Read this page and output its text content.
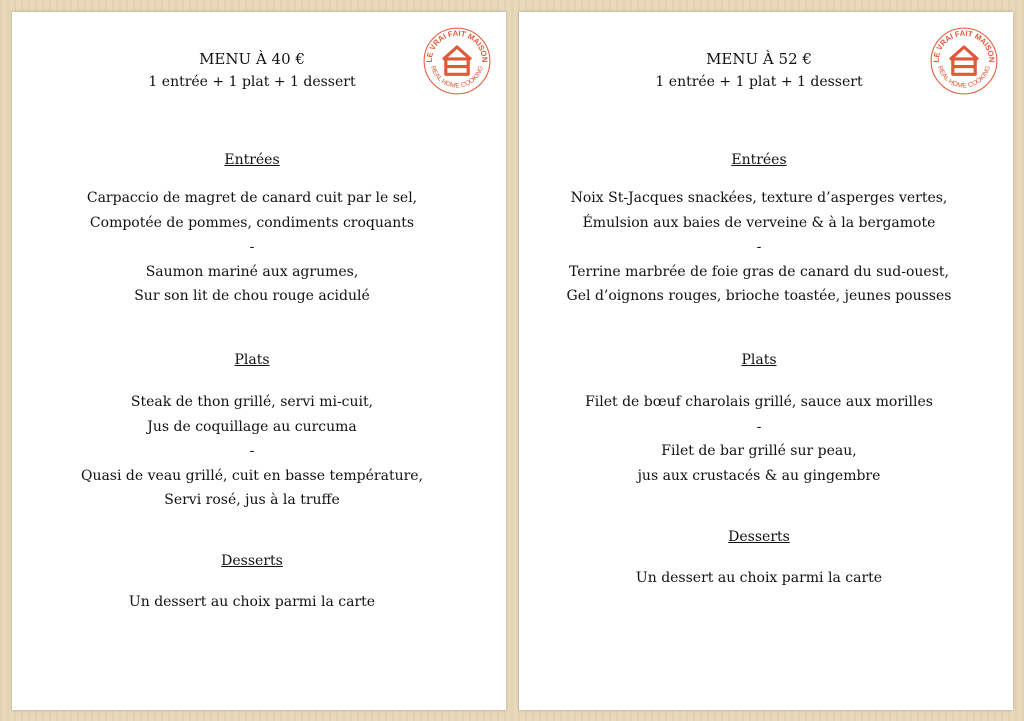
MENU À 40 €
1 entrée + 1 plat + 1 dessert
LE VRAI FAIT MAISON
REAL HOME COOKING
Entrées
Carpaccio de magret de canard cuit par le sel,
Compotée de pommes, condiments croquants
-
Saumon mariné aux agrumes,
Sur son lit de chou rouge acidulé
Plats
Steak de thon grillé, servi mi-cuit,
Jus de coquillage au curcuma
-
Quasi de veau grillé, cuit en basse température,
Servi rosé, jus à la truffe
Desserts
Un dessert au choix parmi la carte
MENU À 52 €
1 entrée + 1 plat + 1 dessert
LE VRAI FAIT MAISON
REAL HOME COOKING
Entrées
Noix St-Jacques snackées, texture d’asperges vertes,
Émulsion aux baies de verveine & à la bergamote
-
Terrine marbrée de foie gras de canard du sud-ouest,
Gel d’oignons rouges, brioche toastée, jeunes pousses
Plats
Filet de bœuf charolais grillé, sauce aux morilles
-
Filet de bar grillé sur peau,
jus aux crustacés & au gingembre
Desserts
Un dessert au choix parmi la carte
